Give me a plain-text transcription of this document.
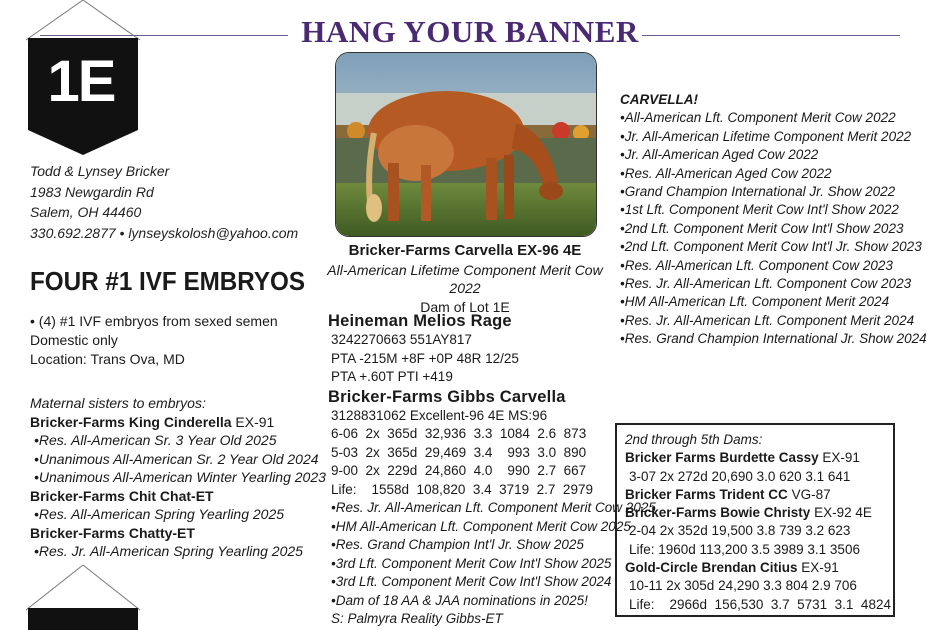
HANG YOUR BANNER
1E
Todd & Lynsey Bricker
1983 Newgardin Rd
Salem, OH 44460
330.692.2877 • lynseyskolosh@yahoo.com
FOUR #1 IVF EMBRYOS
• (4) #1 IVF embryos from sexed semen
Domestic only
Location: Trans Ova, MD
Maternal sisters to embryos:
Bricker-Farms King Cinderella EX-91
•Res. All-American Sr. 3 Year Old 2025
•Unanimous All-American Sr. 2 Year Old 2024
•Unanimous All-American Winter Yearling 2023
Bricker-Farms Chit Chat-ET
•Res. All-American Spring Yearling 2025
Bricker-Farms Chatty-ET
•Res. Jr. All-American Spring Yearling 2025
Bricker-Farms Carvella EX-96 4E
All-American Lifetime Component Merit Cow 2022
Dam of Lot 1E
Heineman Melios Rage
3242270663 551AY817
PTA -215M +8F +0P 48R 12/25
PTA +.60T PTI +419
Bricker-Farms Gibbs Carvella
3128831062 Excellent-96 4E MS:96
6-06  2x  365d  32,936  3.3  1084  2.6  873
5-03  2x  365d  29,469  3.4    993  3.0  890
9-00  2x  229d  24,860  4.0    990  2.7  667
Life:    1558d  108,820  3.4  3719  2.7  2979
•Res. Jr. All-American Lft. Component Merit Cow 2025
•HM All-American Lft. Component Merit Cow 2025
•Res. Grand Champion Int'l Jr. Show 2025
•3rd Lft. Component Merit Cow Int'l Show 2025
•3rd Lft. Component Merit Cow Int'l Show 2024
•Dam of 18 AA & JAA nominations in 2025!
S: Palmyra Reality Gibbs-ET
CARVELLA!
•All-American Lft. Component Merit Cow 2022
•Jr. All-American Lifetime Component Merit 2022
•Jr. All-American Aged Cow 2022
•Res. All-American Aged Cow 2022
•Grand Champion International Jr. Show 2022
•1st Lft. Component Merit Cow Int'l Show 2022
•2nd Lft. Component Merit Cow Int'l Show 2023
•2nd Lft. Component Merit Cow Int'l Jr. Show 2023
•Res. All-American Lft. Component Cow 2023
•Res. Jr. All-American Lft. Component Cow 2023
•HM All-American Lft. Component Merit 2024
•Res. Jr. All-American Lft. Component Merit 2024
•Res. Grand Champion International Jr. Show 2024
2nd through 5th Dams:
Bricker Farms Burdette Cassy EX-91
3-07 2x 272d 20,690 3.0 620 3.1 641
Bricker Farms Trident CC VG-87
Bricker-Farms Bowie Christy EX-92 4E
2-04 2x 352d 19,500 3.8 739 3.2 623
Life: 1960d 113,200 3.5 3989 3.1 3506
Gold-Circle Brendan Citius EX-91
10-11 2x 305d 24,290 3.3 804 2.9 706
Life:    2966d  156,530  3.7  5731  3.1  4824
